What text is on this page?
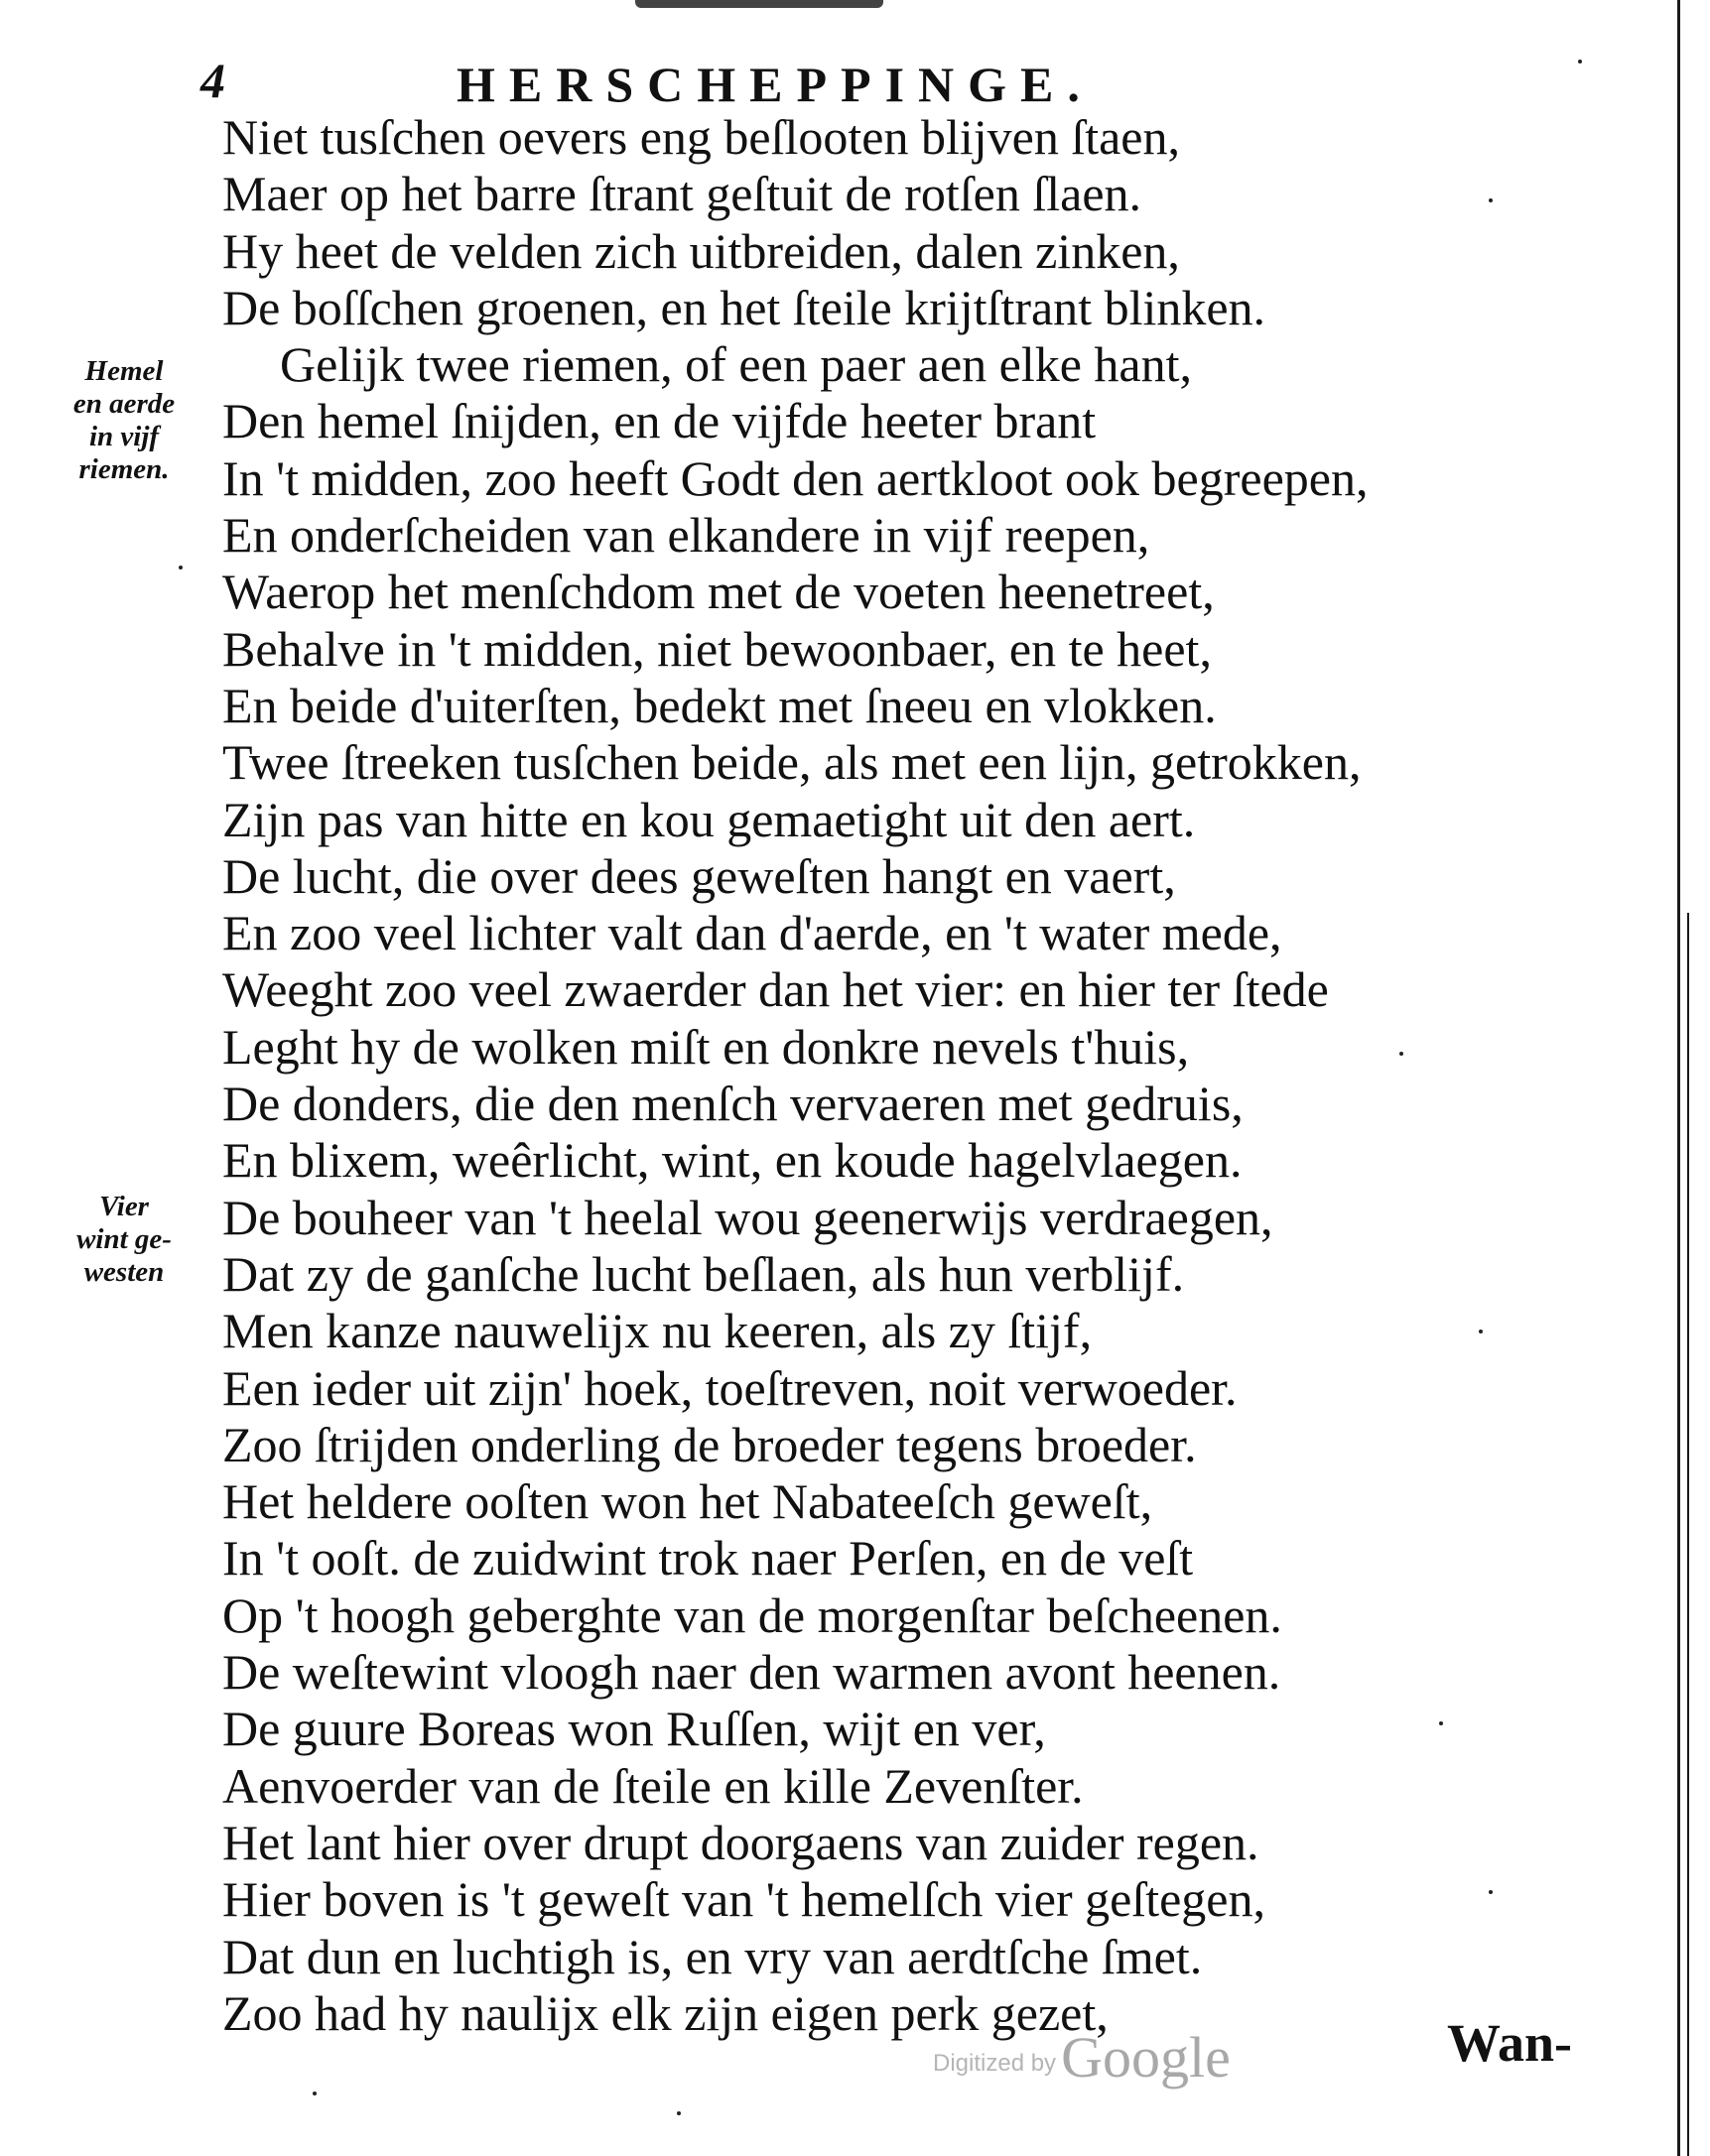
4	HERSCHEPPINGE.
Hemel
en aerde
in vijf
riemen.
Vier
wint ge-
westen
Niet tusſchen oevers eng beſlooten blijven ſtaen,
Maer op het barre ſtrant geſtuit de rotſen ſlaen.
Hy heet de velden zich uitbreiden, dalen zinken,
De boſſchen groenen, en het ſteile krijtſtrant blinken.
Gelijk twee riemen, of een paer aen elke hant,
Den hemel ſnijden, en de vijfde heeter brant
In 't midden, zoo heeft Godt den aertkloot ook begreepen,
En onderſcheiden van elkandere in vijf reepen,
Waerop het menſchdom met de voeten heenetreet,
Behalve in 't midden, niet bewoonbaer, en te heet,
En beide d'uiterſten, bedekt met ſneeu en vlokken.
Twee ſtreeken tusſchen beide, als met een lijn, getrokken,
Zijn pas van hitte en kou gemaetight uit den aert.
De lucht, die over dees geweſten hangt en vaert,
En zoo veel lichter valt dan d'aerde, en 't water mede,
Weeght zoo veel zwaerder dan het vier: en hier ter ſtede
Leght hy de wolken miſt en donkre nevels t'huis,
De donders, die den menſch vervaeren met gedruis,
En blixem, weêrlicht, wint, en koude hagelvlaegen.
De bouheer van 't heelal wou geenerwijs verdraegen,
Dat zy de ganſche lucht beſlaen, als hun verblijf.
Men kanze nauwelijx nu keeren, als zy ſtijf,
Een ieder uit zijn' hoek, toeſtreven, noit verwoeder.
Zoo ſtrijden onderling de broeder tegens broeder.
Het heldere ooſten won het Nabateeſch geweſt,
In 't ooſt. de zuidwint trok naer Perſen, en de veſt
Op 't hoogh geberghte van de morgenſtar beſcheenen.
De weſtewint vloogh naer den warmen avont heenen.
De guure Boreas won Ruſſen, wijt en ver,
Aenvoerder van de ſteile en kille Zevenſter.
Het lant hier over drupt doorgaens van zuider regen.
Hier boven is 't geweſt van 't hemelſch vier geſtegen,
Dat dun en luchtigh is, en vry van aerdtſche ſmet.
Zoo had hy naulijx elk zijn eigen perk gezet,
Digitized by Google	Wan-
